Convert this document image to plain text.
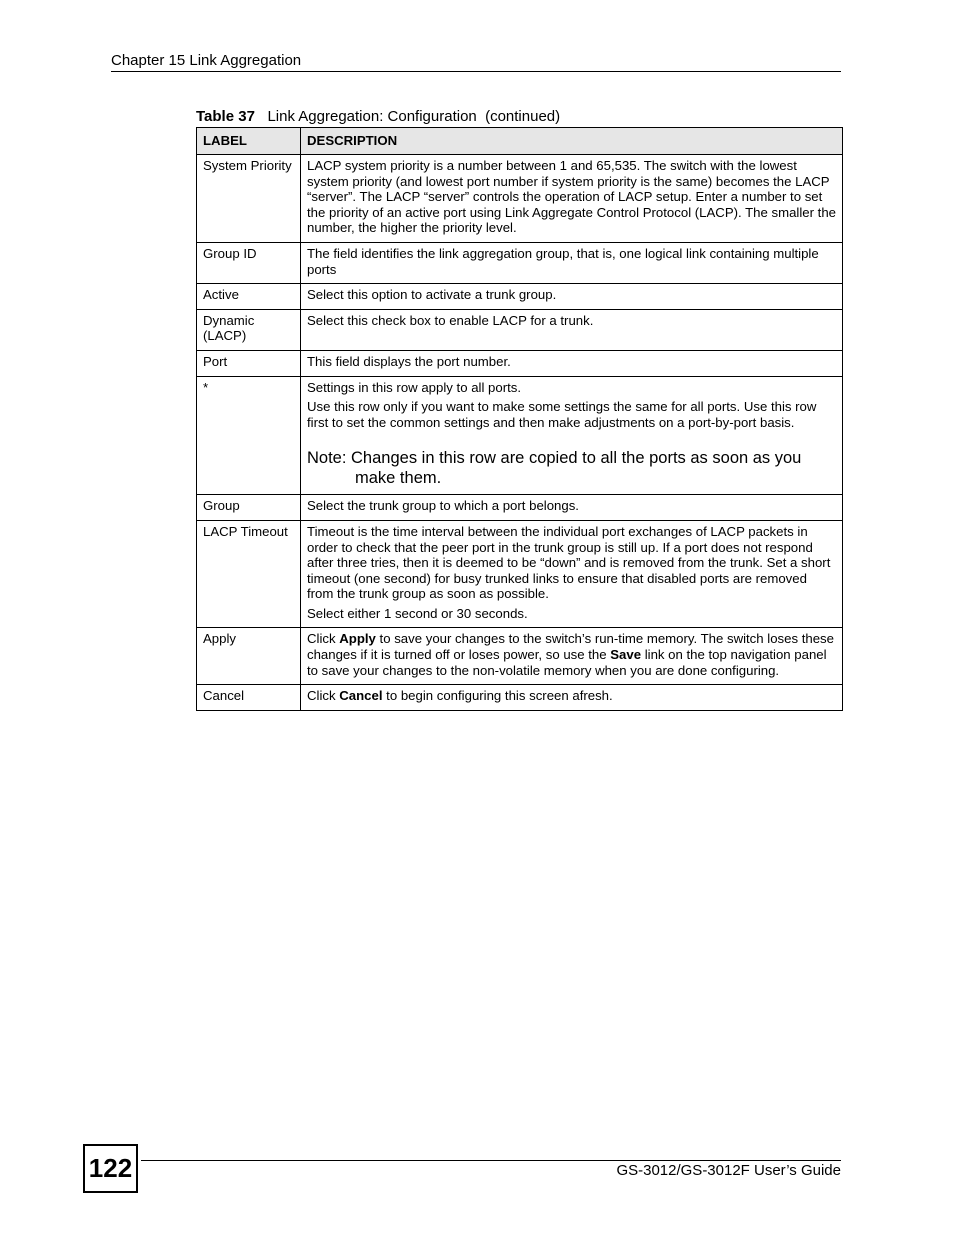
Chapter 15 Link Aggregation
Table 37 Link Aggregation: Configuration  (continued)
LABEL	DESCRIPTION
System Priority	LACP system priority is a number between 1 and 65,535. The switch with the lowest system priority (and lowest port number if system priority is the same) becomes the LACP “server”. The LACP “server” controls the operation of LACP setup. Enter a number to set the priority of an active port using Link Aggregate Control Protocol (LACP). The smaller the number, the higher the priority level.

Group ID	The field identifies the link aggregation group, that is, one logical link containing multiple ports

Active	Select this option to activate a trunk group.

Dynamic (LACP)	Select this check box to enable LACP for a trunk.

Port	This field displays the port number.

*	Settings in this row apply to all ports.

Use this row only if you want to make some settings the same for all ports. Use this row first to set the common settings and then make adjustments on a port-by-port basis.

Note: Changes in this row are copied to all the ports as soon as you make them.

Group	Select the trunk group to which a port belongs.

LACP Timeout	Timeout is the time interval between the individual port exchanges of LACP packets in order to check that the peer port in the trunk group is still up. If a port does not respond after three tries, then it is deemed to be “down” and is removed from the trunk. Set a short timeout (one second) for busy trunked links to ensure that disabled ports are removed from the trunk group as soon as possible.

Select either 1 second or 30 seconds.

Apply	Click Apply to save your changes to the switch’s run-time memory. The switch loses these changes if it is turned off or loses power, so use the Save link on the top navigation panel to save your changes to the non-volatile memory when you are done configuring.

Cancel	Click Cancel to begin configuring this screen afresh.

122	GS-3012/GS-3012F User’s Guide
